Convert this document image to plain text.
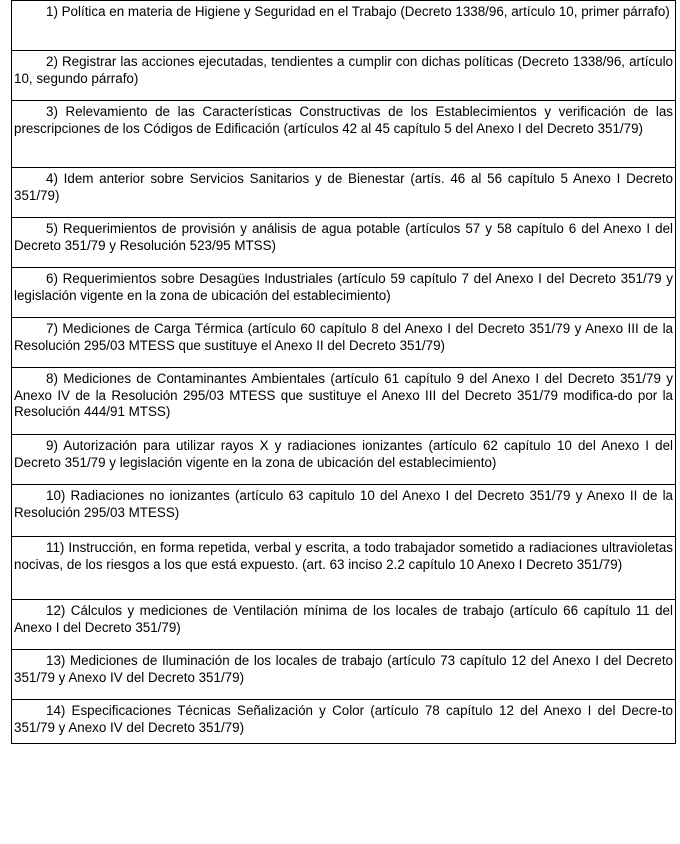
1) Política en materia de Higiene y Seguridad en el Trabajo (Decreto 1338/96, artículo 10, primer párrafo)
2) Registrar las acciones ejecutadas, tendientes a cumplir con dichas políticas (Decreto 1338/96, artículo 10, segundo párrafo)
3) Relevamiento de las Características Constructivas de los Establecimientos y verificación de las prescripciones de los Códigos de Edificación (artículos 42 al 45 capítulo 5 del Anexo I del Decreto 351/79)
4) Idem anterior sobre Servicios Sanitarios y de Bienestar (artís. 46 al 56 capítulo 5 Anexo I Decreto 351/79)
5) Requerimientos de provisión y análisis de agua potable (artículos 57 y 58 capítulo 6 del Anexo I del Decreto 351/79 y Resolución 523/95 MTSS)
6) Requerimientos sobre Desagües Industriales (artículo 59 capítulo 7 del Anexo I del Decreto 351/79 y legislación vigente en la zona de ubicación del establecimiento)
7) Mediciones de Carga Térmica (artículo 60 capítulo 8 del Anexo I del Decreto 351/79 y Anexo III de la Resolución 295/03 MTESS que sustituye el Anexo II del Decreto 351/79)
8) Mediciones de Contaminantes Ambientales (artículo 61 capítulo 9 del Anexo I del Decreto 351/79 y Anexo IV de la Resolución 295/03 MTESS que sustituye el Anexo III del Decreto 351/79 modifica-do por la Resolución 444/91 MTSS)
9) Autorización para utilizar rayos X y radiaciones ionizantes (artículo 62 capítulo 10 del Anexo I del Decreto 351/79 y legislación vigente en la zona de ubicación del establecimiento)
10) Radiaciones no ionizantes (artículo 63 capitulo 10 del Anexo I del Decreto 351/79 y Anexo II de la Resolución 295/03 MTESS)
11) Instrucción, en forma repetida, verbal y escrita, a todo trabajador sometido a radiaciones ultravioletas nocivas, de los riesgos a los que está expuesto. (art. 63 inciso 2.2 capítulo 10 Anexo I Decreto 351/79)
12) Cálculos y mediciones de Ventilación mínima de los locales de trabajo (artículo 66 capítulo 11 del Anexo I del Decreto 351/79)
13) Mediciones de Iluminación de los locales de trabajo (artículo 73 capítulo 12 del Anexo I del Decreto 351/79 y Anexo IV del Decreto 351/79)
14) Especificaciones Técnicas Señalización y Color (artículo 78 capítulo 12 del Anexo I del Decre-to 351/79 y Anexo IV del Decreto 351/79)
